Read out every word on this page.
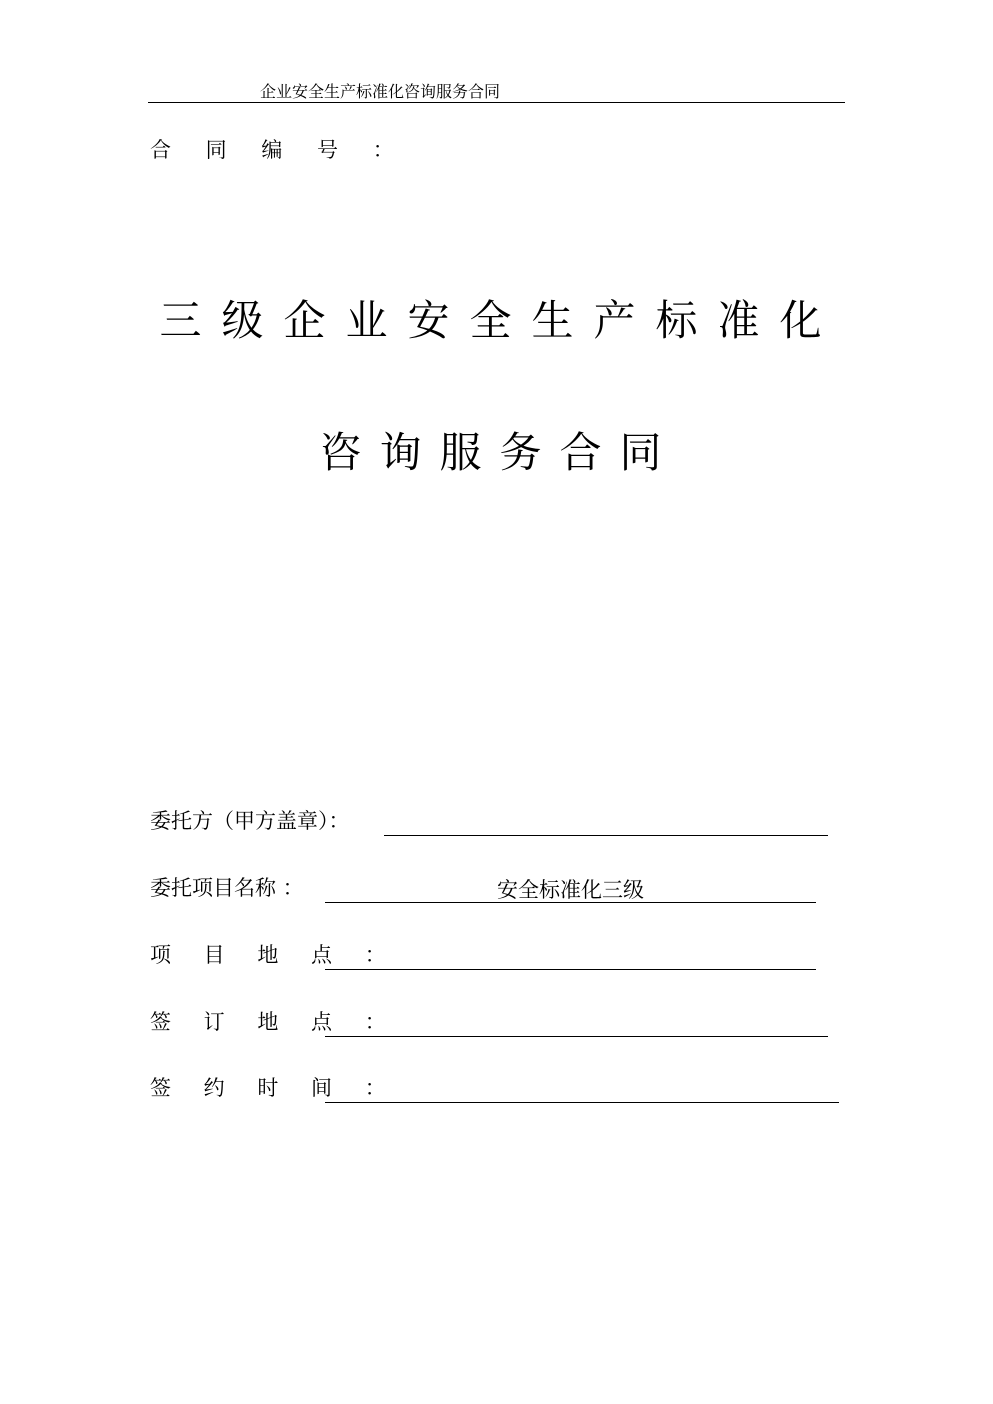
企业安全生产标准化咨询服务合同
合 同 编 号 ：
三级企业安全生产标准化
咨询服务合同
委托方（甲方盖章）：
委托项目名称 ：	安全标准化三级
项 目 地 点 ：
签 订 地 点 ：
签 约 时 间 ：
